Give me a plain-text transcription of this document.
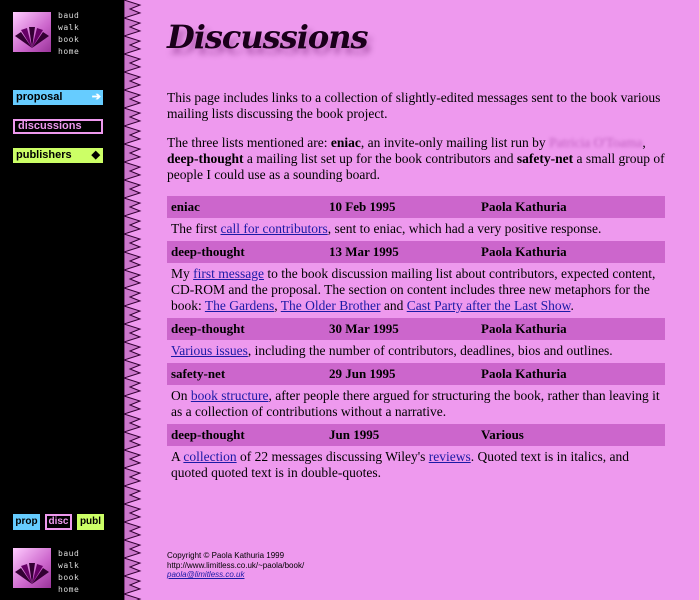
baud
walk
book
home
proposal	➔
discussions
publishers ◆
prop	disc	publ
baud
walk
book
home
Discussions

This page includes links to a collection of slightly-edited messages sent to the book various mailing lists discussing the book project.

The three lists mentioned are: eniac, an invite-only mailing list run by Patricia O'Toama, deep-thought a mailing list set up for the book contributors and safety-net a small group of people I could use as a sounding board.

eniac	10 Feb 1995	Paola Kathuria
The first call for contributors, sent to eniac, which had a very positive response.		
deep-thought	13 Mar 1995	Paola Kathuria
My first message to the book discussion mailing list about contributors, expected content, CD-ROM and the proposal. The section on content includes three new metaphors for the book: The Gardens, The Older Brother and Cast Party after the Last Show.		
deep-thought	30 Mar 1995	Paola Kathuria
Various issues, including the number of contributors, deadlines, bios and outlines.		
safety-net	29 Jun 1995	Paola Kathuria
On book structure, after people there argued for structuring the book, rather than leaving it as a collection of contributions without a narrative.		
deep-thought	Jun 1995	Various
A collection of 22 messages discussing Wiley's reviews. Quoted text is in italics, and quoted quoted text is in double-quotes.		
Copyright © Paola Kathuria 1999
http://www.limitless.co.uk/~paola/book/
paola@limitless.co.uk
